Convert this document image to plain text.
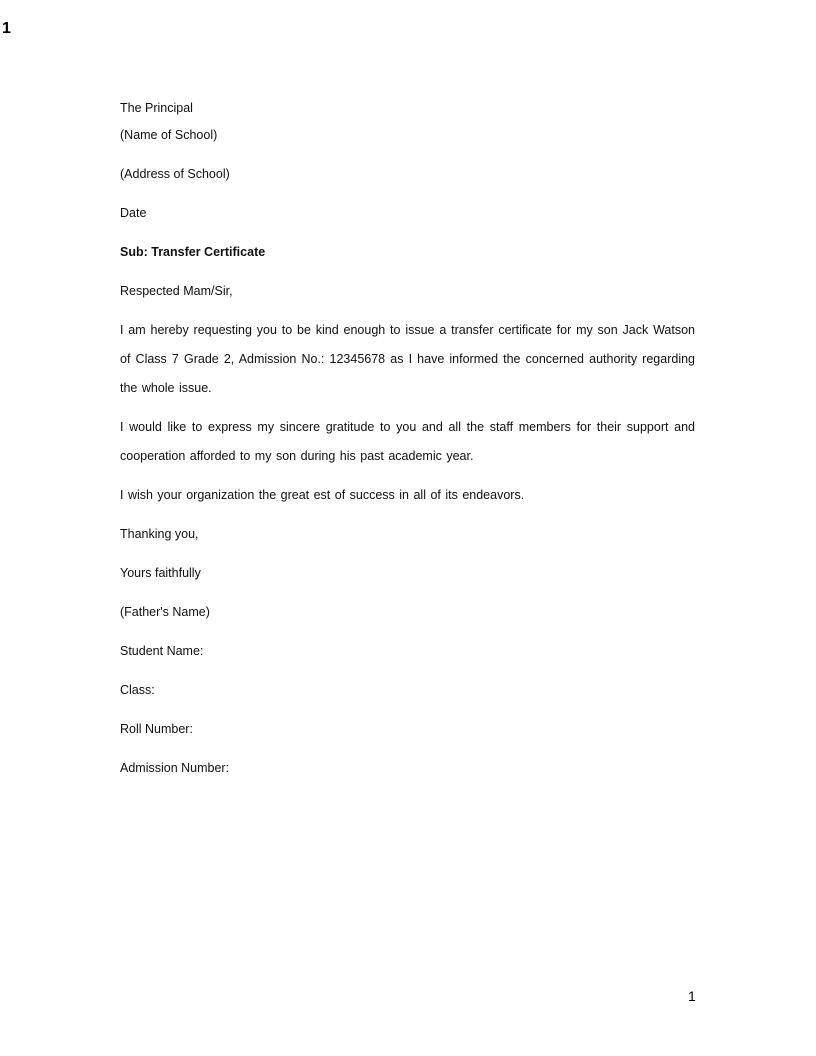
1

The Principal

(Name of School)

(Address of School)

Date

Sub: Transfer Certificate

Respected Mam/Sir,

I am hereby requesting you to be kind enough to issue a transfer certificate for my son Jack Watson of Class 7 Grade 2, Admission No.: 12345678 as I have informed the concerned authority regarding the whole issue.

I would like to express my sincere gratitude to you and all the staff members for their support and cooperation afforded to my son during his past academic year.

I wish your organization the great est of success in all of its endeavors.

Thanking you,

Yours faithfully

(Father's Name)

Student Name:

Class:

Roll Number:

Admission Number:

1
